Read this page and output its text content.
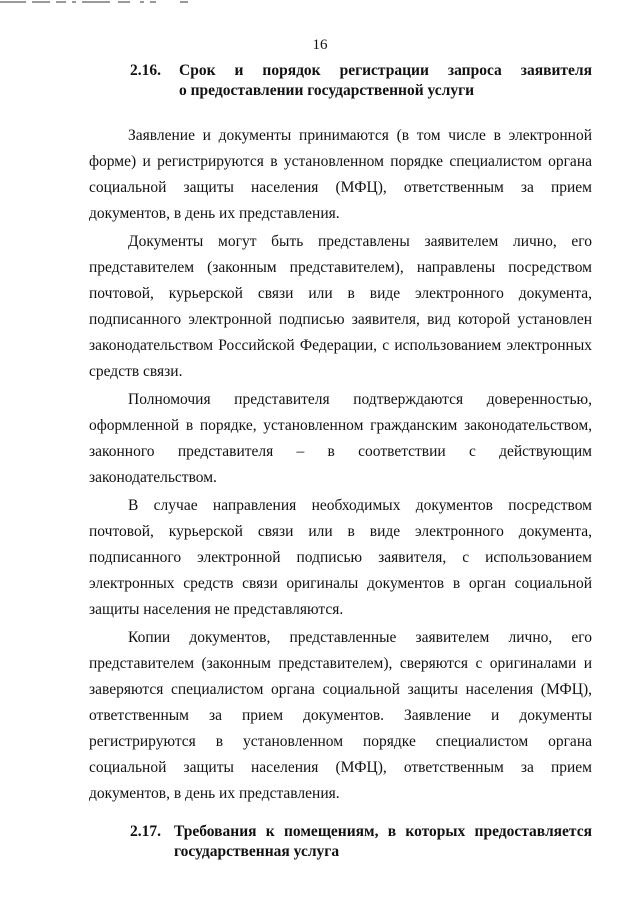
16
2.16. Срок и порядок регистрации запроса заявителя
о предоставлении государственной услуги

Заявление и документы принимаются (в том числе в электронной форме) и регистрируются в установленном порядке специалистом органа социальной защиты населения (МФЦ), ответственным за прием документов, в день их представления.

Документы могут быть представлены заявителем лично, его представителем (законным представителем), направлены посредством почтовой, курьерской связи или в виде электронного документа, подписанного электронной подписью заявителя, вид которой установлен законодательством Российской Федерации, с использованием электронных средств связи.

Полномочия представителя подтверждаются доверенностью, оформленной в порядке, установленном гражданским законодательством, законного представителя – в соответствии с действующим законодательством.

В случае направления необходимых документов посредством почтовой, курьерской связи или в виде электронного документа, подписанного электронной подписью заявителя, с использованием электронных средств связи оригиналы документов в орган социальной защиты населения не представляются.

Копии документов, представленные заявителем лично, его представителем (законным представителем), сверяются с оригиналами и заверяются специалистом органа социальной защиты населения (МФЦ), ответственным за прием документов. Заявление и документы регистрируются в установленном порядке специалистом органа социальной защиты населения (МФЦ), ответственным за прием документов, в день их представления.

2.17. Требования к помещениям, в которых предоставляется
государственная услуга
